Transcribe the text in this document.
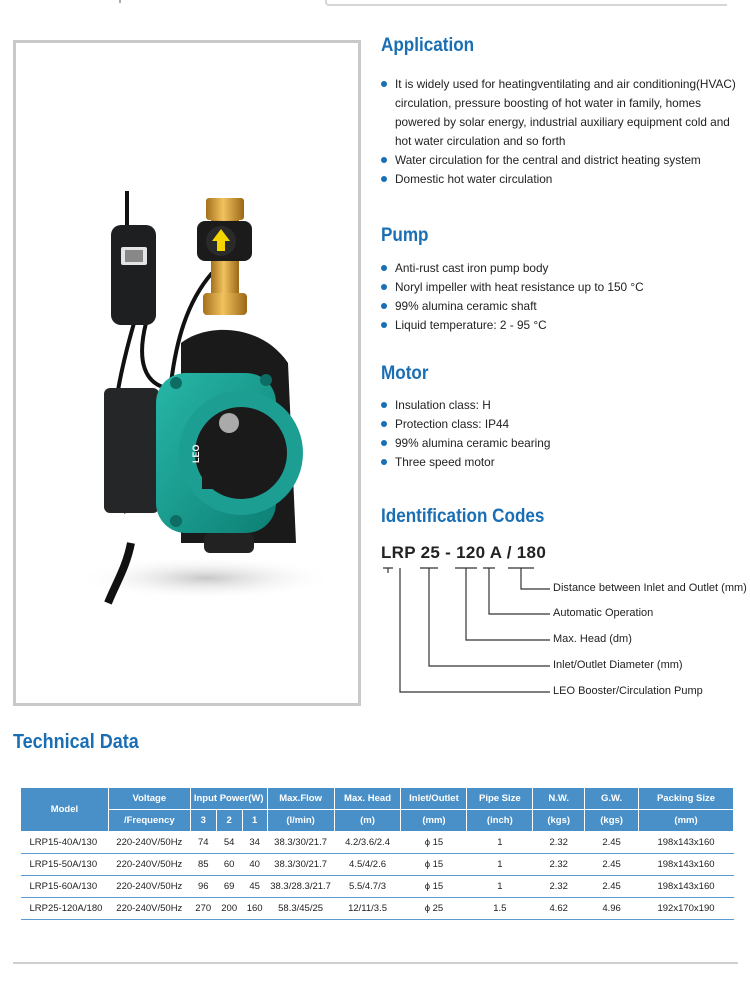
LEO
Application
It is widely used for heatingventilating and air conditioning(HVAC) circulation, pressure boosting of hot water in family, homes powered by solar energy, industrial auxiliary equipment cold and hot water circulation and so forth
Water circulation for the central and district heating system
Domestic hot water circulation
Pump
Anti-rust cast iron pump body
Noryl impeller with heat resistance up to 150 °C
99% alumina ceramic shaft
Liquid temperature: 2 - 95 °C
Motor
Insulation class: H
Protection class: IP44
99% alumina ceramic bearing
Three speed motor
Identification Codes
LRP 25 - 120 A / 180
Distance between Inlet and Outlet (mm)
Automatic Operation
Max. Head (dm)
Inlet/Outlet Diameter (mm)
LEO Booster/Circulation Pump
Technical Data
Model	Voltage	Input Power(W)			Max.Flow	Max. Head	Inlet/Outlet	Pipe Size	N.W.	G.W.	Packing Size
	/Frequency	3	2	1	(l/min)	(m)	(mm)	(inch)	(kgs)	(kgs)	(mm)
LRP15-40A/130	220-240V/50Hz	74	54	34	38.3/30/21.7	4.2/3.6/2.4	ϕ 15	1	2.32	2.45	198x143x160
LRP15-50A/130	220-240V/50Hz	85	60	40	38.3/30/21.7	4.5/4/2.6	ϕ 15	1	2.32	2.45	198x143x160
LRP15-60A/130	220-240V/50Hz	96	69	45	38.3/28.3/21.7	5.5/4.7/3	ϕ 15	1	2.32	2.45	198x143x160
LRP25-120A/180	220-240V/50Hz	270	200	160	58.3/45/25	12/11/3.5	ϕ 25	1.5	4.62	4.96	192x170x190
